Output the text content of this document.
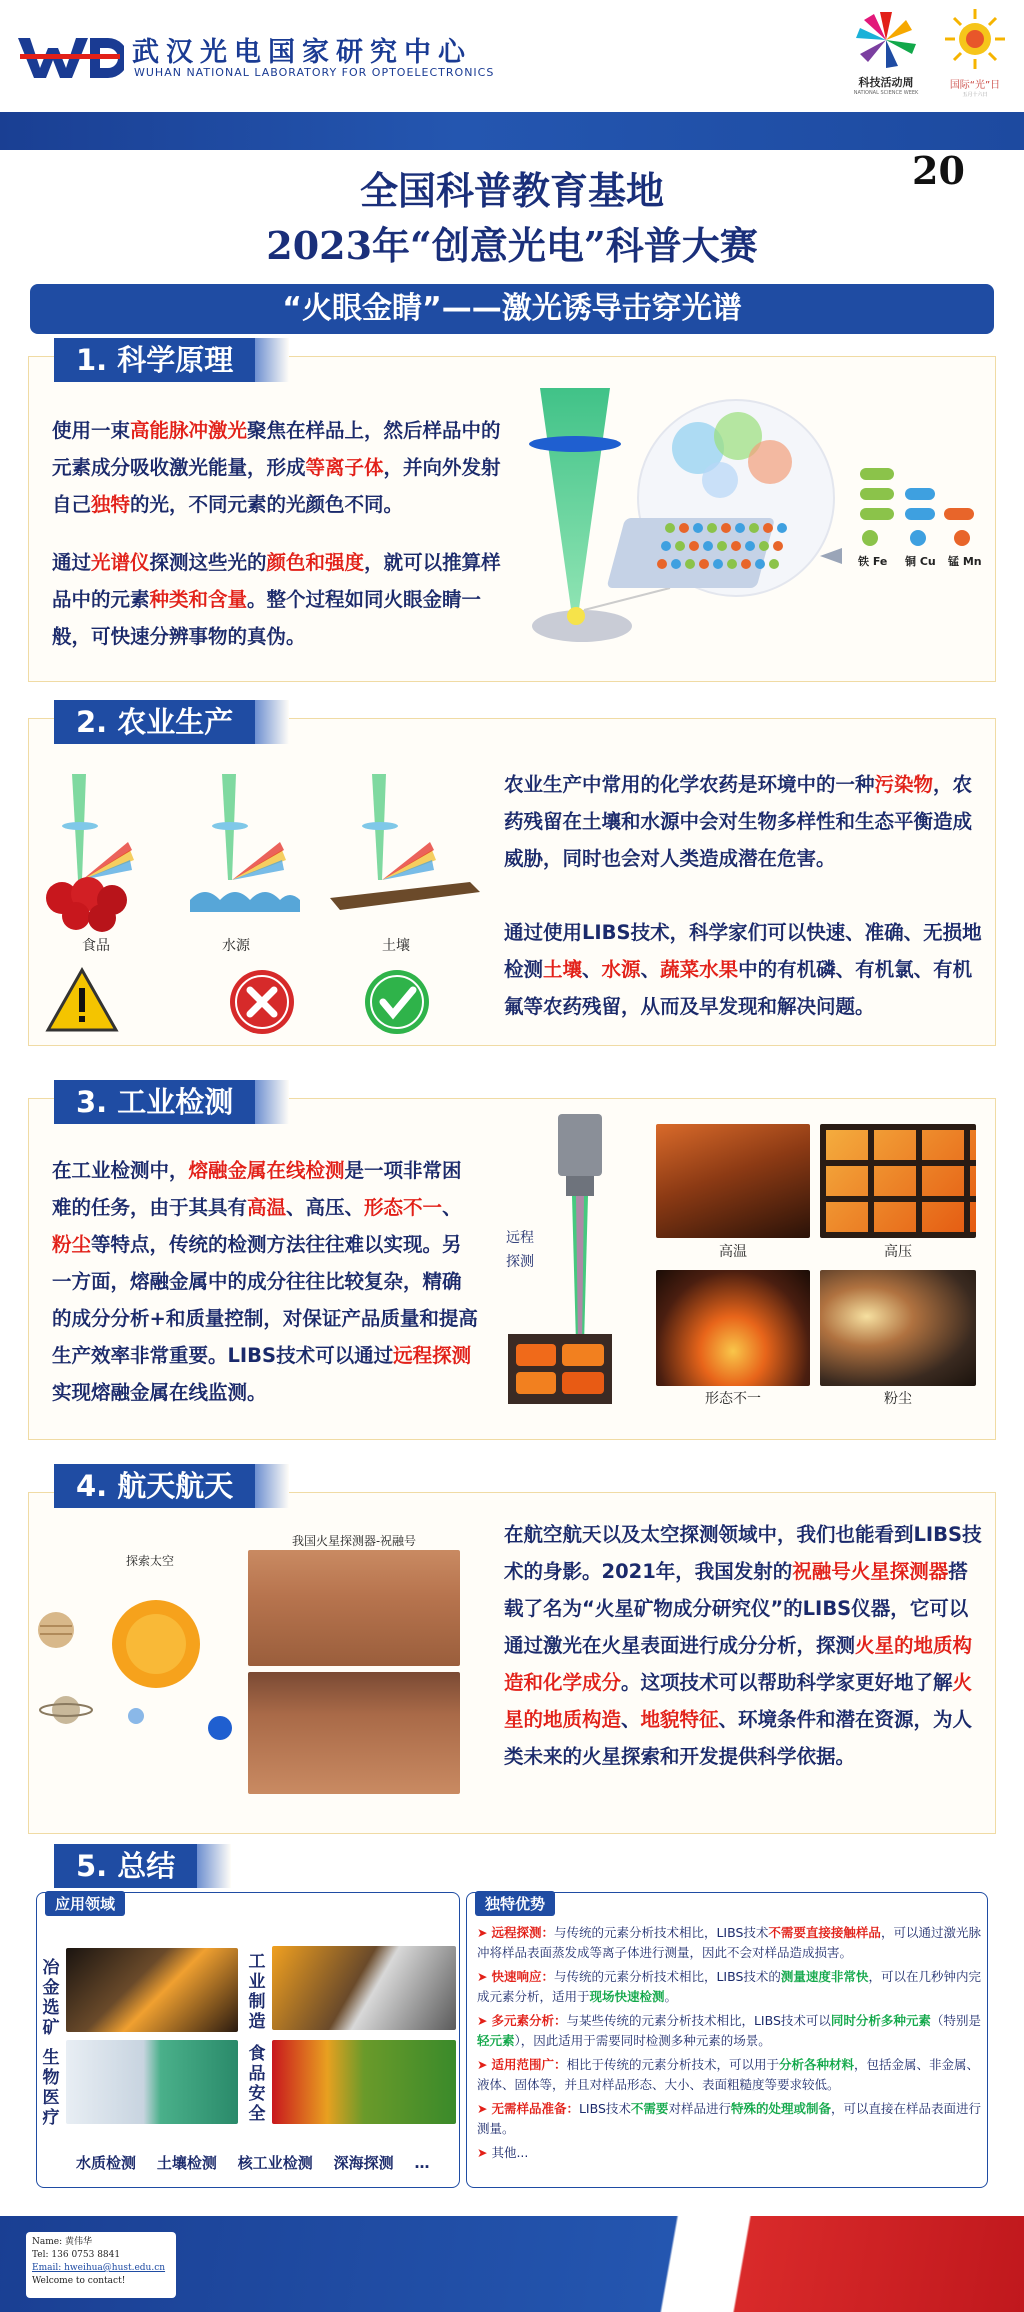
武汉光电国家研究中心
WUHAN NATIONAL LABORATORY FOR OPTOELECTRONICS
科技活动周
NATIONAL SCIENCE WEEK
国际“光”日
五月十六日
全国科普教育基地
2023年“创意光电”科普大赛
20
“火眼金睛”——激光诱导击穿光谱
1. 科学原理
使用一束高能脉冲激光聚焦在样品上，然后样品中的元素成分吸收激光能量，形成等离子体，并向外发射自己独特的光，不同元素的光颜色不同。
通过光谱仪探测这些光的颜色和强度，就可以推算样品中的元素种类和含量。整个过程如同火眼金睛一般，可快速分辨事物的真伪。
铁 Fe 铜 Cu 锰 Mn
2. 农业生产
食品	水源	土壤
农业生产中常用的化学农药是环境中的一种污染物，农药残留在土壤和水源中会对生物多样性和生态平衡造成威胁，同时也会对人类造成潜在危害。
通过使用LIBS技术，科学家们可以快速、准确、无损地检测土壤、水源、蔬菜水果中的有机磷、有机氯、有机氟等农药残留，从而及早发现和解决问题。
3. 工业检测
在工业检测中，熔融金属在线检测是一项非常困难的任务，由于其具有高温、高压、形态不一、粉尘等特点，传统的检测方法往往难以实现。另一方面，熔融金属中的成分往往比较复杂，精确的成分分析+和质量控制，对保证产品质量和提高生产效率非常重要。LIBS技术可以通过远程探测实现熔融金属在线监测。
远程探测
高温	高压
形态不一	粉尘
4. 航天航天
探索太空
我国火星探测器-祝融号	在航空航天以及太空探测领域中，我们也能看到LIBS技术的身影。2021年，我国发射的祝融号火星探测器搭载了名为“火星矿物成分研究仪”的LIBS仪器，它可以通过激光在火星表面进行成分分析，探测火星的地质构造和化学成分。这项技术可以帮助科学家更好地了解火星的地质构造、地貌特征、环境条件和潜在资源，为人类未来的火星探索和开发提供科学依据。
5. 总结
应用领域
冶金选矿
生物医疗
工业制造
食品安全
水质检测    土壤检测    核工业检测    深海探测    …
独特优势
➤ 远程探测：与传统的元素分析技术相比，LIBS技术不需要直接接触样品，可以通过激光脉冲将样品表面蒸发成等离子体进行测量，因此不会对样品造成损害。
➤ 快速响应：与传统的元素分析技术相比，LIBS技术的测量速度非常快，可以在几秒钟内完成元素分析，适用于现场快速检测。
➤ 多元素分析：与某些传统的元素分析技术相比，LIBS技术可以同时分析多种元素（特别是轻元素），因此适用于需要同时检测多种元素的场景。
➤ 适用范围广：相比于传统的元素分析技术，可以用于分析各种材料，包括金属、非金属、液体、固体等，并且对样品形态、大小、表面粗糙度等要求较低。
➤ 无需样品准备：LIBS技术不需要对样品进行特殊的处理或制备，可以直接在样品表面进行测量。
➤ 其他...
Name: 黄伟华
Tel: 136 0753 8841
Email: hweihua@hust.edu.cn
Welcome to contact!
